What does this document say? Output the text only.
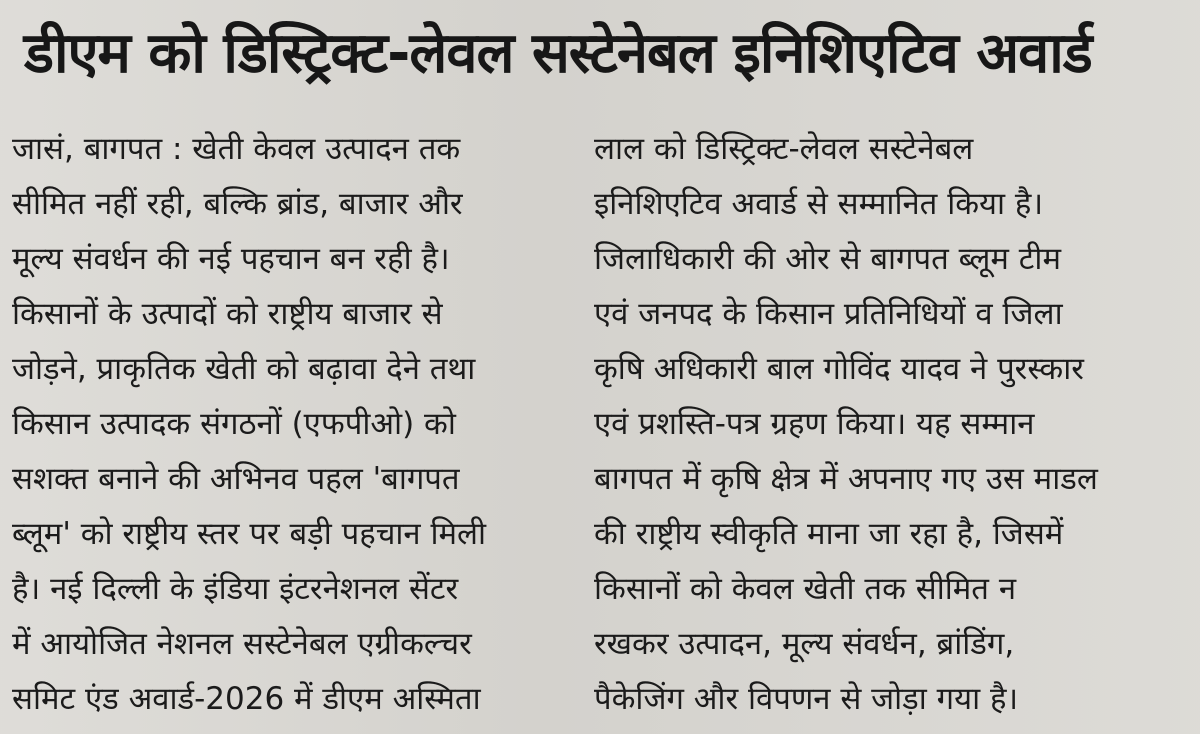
डीएम को डिस्ट्रिक्ट-लेवल सस्टेनेबल इनिशिएटिव अवार्ड
जासं, बागपत : खेती केवल उत्पादन तक
सीमित नहीं रही, बल्कि ब्रांड, बाजार और
मूल्य संवर्धन की नई पहचान बन रही है।
किसानों के उत्पादों को राष्ट्रीय बाजार से
जोड़ने, प्राकृतिक खेती को बढ़ावा देने तथा
किसान उत्पादक संगठनों (एफपीओ) को
सशक्त बनाने की अभिनव पहल 'बागपत
ब्लूम' को राष्ट्रीय स्तर पर बड़ी पहचान मिली
है। नई दिल्ली के इंडिया इंटरनेशनल सेंटर
में आयोजित नेशनल सस्टेनेबल एग्रीकल्चर
समिट एंड अवार्ड-2026 में डीएम अस्मिता
लाल को डिस्ट्रिक्ट-लेवल सस्टेनेबल
इनिशिएटिव अवार्ड से सम्मानित किया है।
जिलाधिकारी की ओर से बागपत ब्लूम टीम
एवं जनपद के किसान प्रतिनिधियों व जिला
कृषि अधिकारी बाल गोविंद यादव ने पुरस्कार
एवं प्रशस्ति-पत्र ग्रहण किया। यह सम्मान
बागपत में कृषि क्षेत्र में अपनाए गए उस माडल
की राष्ट्रीय स्वीकृति माना जा रहा है, जिसमें
किसानों को केवल खेती तक सीमित न
रखकर उत्पादन, मूल्य संवर्धन, ब्रांडिंग,
पैकेजिंग और विपणन से जोड़ा गया है।
